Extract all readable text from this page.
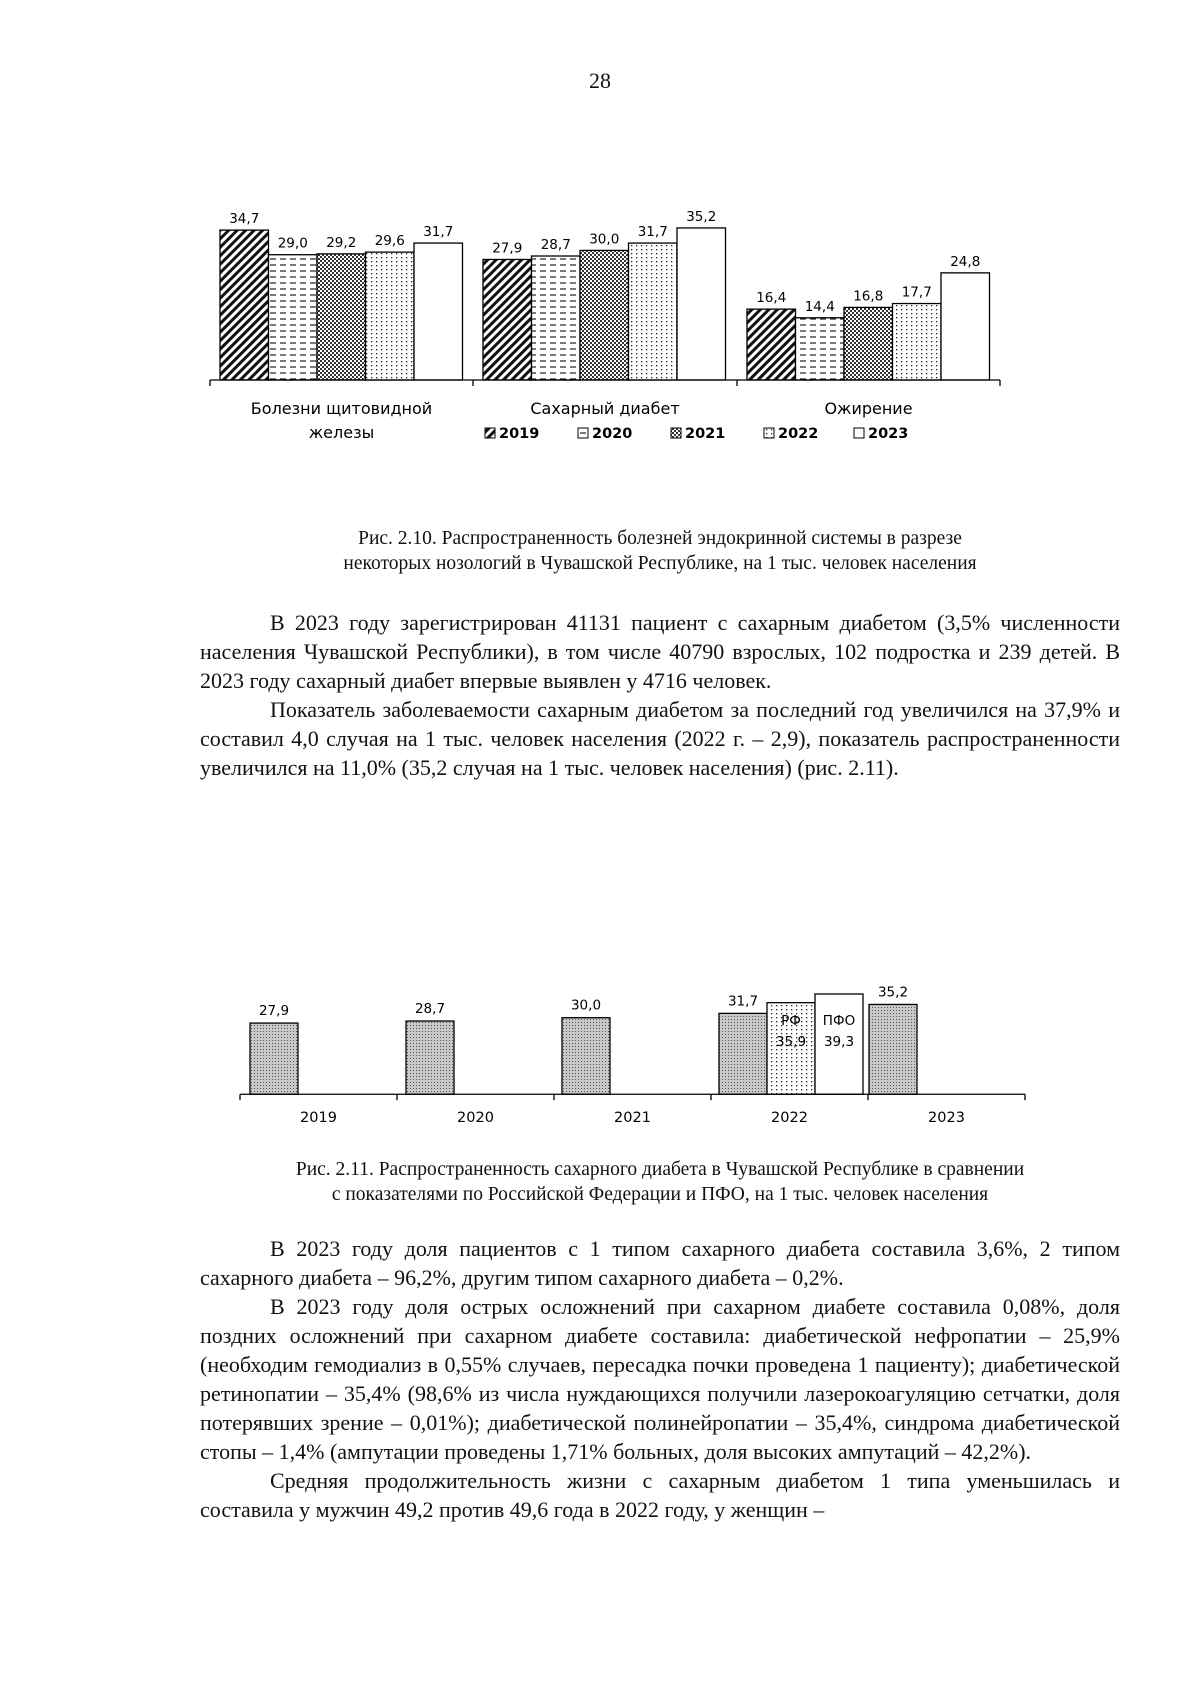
28
34,7
27,9
16,4
29,0	28,7
14,4
29,2	30,0
16,8
29,6
31,7
17,7
31,7
35,2
24,8
Болезни щитовидной
железы
Сахарный диабет	Ожирение
2019	2020	2021	2022	2023
Рис. 2.10. Распространенность болезней эндокринной системы в разрезе
некоторых нозологий в Чувашской Республике, на 1 тыс. человек населения

В 2023 году зарегистрирован 41131 пациент с сахарным диабетом (3,5% численности населения Чувашской Республики), в том числе 40790 взрослых, 102 подростка и 239 детей. В 2023 году сахарный диабет впервые выявлен у 4716 человек.

Показатель заболеваемости сахарным диабетом за последний год увеличился на 37,9% и составил 4,0 случая на 1 тыс. человек населения (2022 г. – 2,9), показатель распространенности увеличился на 11,0% (35,2 случая на 1 тыс. человек населения) (рис. 2.11).

27,9	28,7	30,0	31,7
35,2
РФ
35,9
ПФО
39,3
2019	2020	2021	2022	2023
Рис. 2.11. Распространенность сахарного диабета в Чувашской Республике в сравнении
с показателями по Российской Федерации и ПФО, на 1 тыс. человек населения

В 2023 году доля пациентов с 1 типом сахарного диабета составила 3,6%, 2 типом сахарного диабета – 96,2%, другим типом сахарного диабета – 0,2%.

В 2023 году доля острых осложнений при сахарном диабете составила 0,08%, доля поздних осложнений при сахарном диабете составила: диабетической нефропатии – 25,9% (необходим гемодиализ в 0,55% случаев, пересадка почки проведена 1 пациенту); диабетической ретинопатии – 35,4% (98,6% из числа нуждающихся получили лазерокоагуляцию сетчатки, доля потерявших зрение – 0,01%); диабетической полинейропатии – 35,4%, синдрома диабетической стопы – 1,4% (ампутации проведены 1,71% больных, доля высоких ампутаций – 42,2%).

Средняя продолжительность жизни с сахарным диабетом 1 типа уменьшилась и составила у мужчин 49,2 против 49,6 года в 2022 году, у женщин –
